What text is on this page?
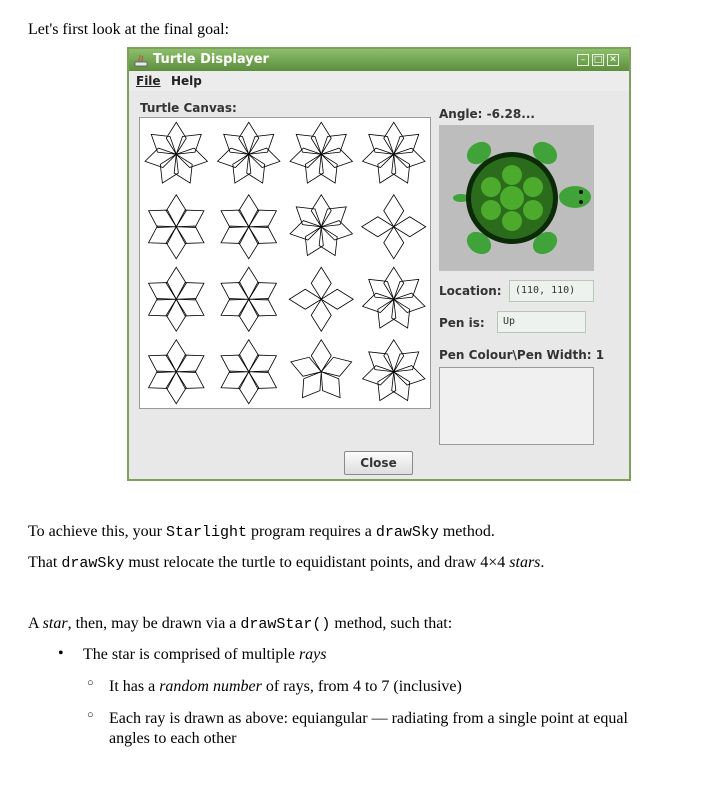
Let's first look at the final goal:
Turtle Displayer	– □ ✕
File Help
Turtle Canvas:	Angle: -6.28...
Location:	(110, 110)
Pen is:	Up
Pen Colour\Pen Width: 1
Close
To achieve this, your Starlight program requires a drawSky method.
That drawSky must relocate the turtle to equidistant points, and draw 4×4 stars.
A star, then, may be drawn via a drawStar() method, such that:
• The star is comprised of multiple rays
○ It has a random number of rays, from 4 to 7 (inclusive)
○ Each ray is drawn as above: equiangular — radiating from a single point at equal
angles to each other
